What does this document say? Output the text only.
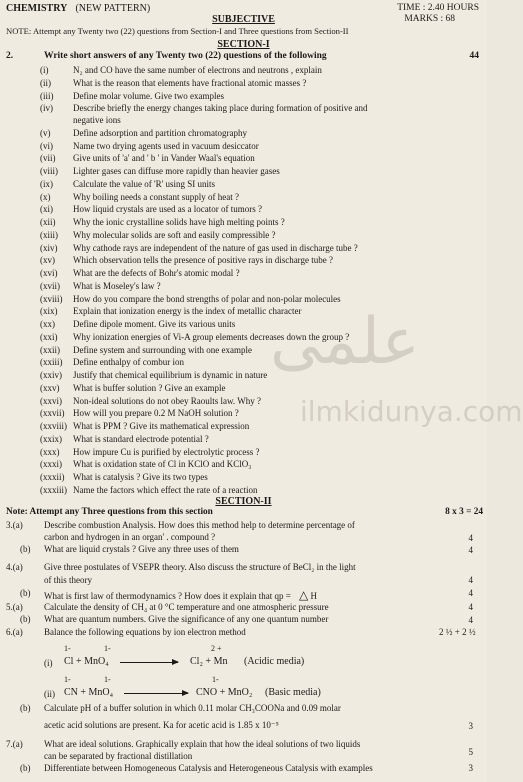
علمی
ilmkidunya.com
CHEMISTRY (NEW PATTERN)	TIME : 2.40 HOURS
SUBJECTIVE	MARKS : 68
NOTE: Attempt any Twenty two (22) questions from Section-I and Three questions from Section-II
SECTION-I
2.	Write short answers of any Twenty two (22) questions of the following	44
SECTION-II
Note: Attempt any Three questions from this section	8 x 3 = 24
3.(a) Describe combustion Analysis. How does this method help to determine percentage of
carbon and hydrogen in an organ' . compound ?	4
(b) What are liquid crystals ? Give any three uses of them	4
4.(a) Give three postulates of VSEPR theory. Also discuss the structure of BeCl₂ in the light
of this theory	4
(b) What is first law of thermodynamics ? How does it explain that qp = △ H	4
5.(a) Calculate the density of CH₄ at 0 °C temperature and one atmospheric pressure	4
(b) What are quantum numbers. Give the significance of any one quantum number	4
6.(a) Balance the following equations by ion electron method	2 ½ + 2 ½
1-	1-	2 +
(i) Cl + MnO₄	Cl₂ + Mn (Acidic media)
1-	1-	1-
(ii) CN + MnO₄	CNO + MnO₂ (Basic media)
(b) Calculate pH of a buffer solution in which 0.11 molar CH₃COONa and 0.09 molar
acetic acid solutions are present. Ka for acetic acid is 1.85 x 10⁻⁵	3
7.(a) What are ideal solutions. Graphically explain that how the ideal solutions of two liquids
can be separated by fractional distillation	5
(b) Differentiate between Homogeneous Catalysis and Heterogeneous Catalysis with examples	3
(i)	N₂ and CO have the same number of electrons and neutrons , explain
(ii) What is the reason that elements have fractional atomic masses ?
(iii) Define molar volume. Give two examples
(iv) Describe briefly the energy changes taking place during formation of positive and
negative ions
(v)	Define adsorption and partition chromatography
(vi) Name two drying agents used in vacuum desiccator
(vii) Give units of 'a' and ' b ' in Vander Waal's equation
(viii) Lighter gases can diffuse more rapidly than heavier gases
(ix) Calculate the value of 'R' using SI units
(x)	Why boiling needs a constant supply of heat ?
(xi) How liquid crystals are used as a locator of tumors ?
(xii) Why the ionic crystalline solids have high melting points ?
(xiii) Why molecular solids are soft and easily compressible ?
(xiv) Why cathode rays are independent of the nature of gas used in discharge tube ?
(xv) Which observation tells the presence of positive rays in discharge tube ?
(xvi) What are the defects of Bohr's atomic modal ?
(xvii) What is Moseley's law ?
(xviii) How do you compare the bond strengths of polar and non-polar molecules
(xix) Explain that ionization energy is the index of metallic character
(xx) Define dipole moment. Give its various units
(xxi) Why ionization energies of Vi-A group elements decreases down the group ?
(xxii) Define system and surrounding with one example
(xxiii) Define enthalpy of combur ion
(xxiv) Justify that chemical equilibrium is dynamic in nature
(xxv) What is buffer solution ? Give an example
(xxvi) Non-ideal solutions do not obey Raoults law. Why ?
(xxvii) How will you prepare 0.2 M NaOH solution ?
(xxviii) What is PPM ? Give its mathematical expression
(xxix) What is standard electrode potential ?
(xxx) How impure Cu is purified by electrolytic process ?
(xxxi) What is oxidation state of Cl in KClO and KClO₃
(xxxii) What is catalysis ? Give its two types
(xxxiii) Name the factors which effect the rate of a reaction
